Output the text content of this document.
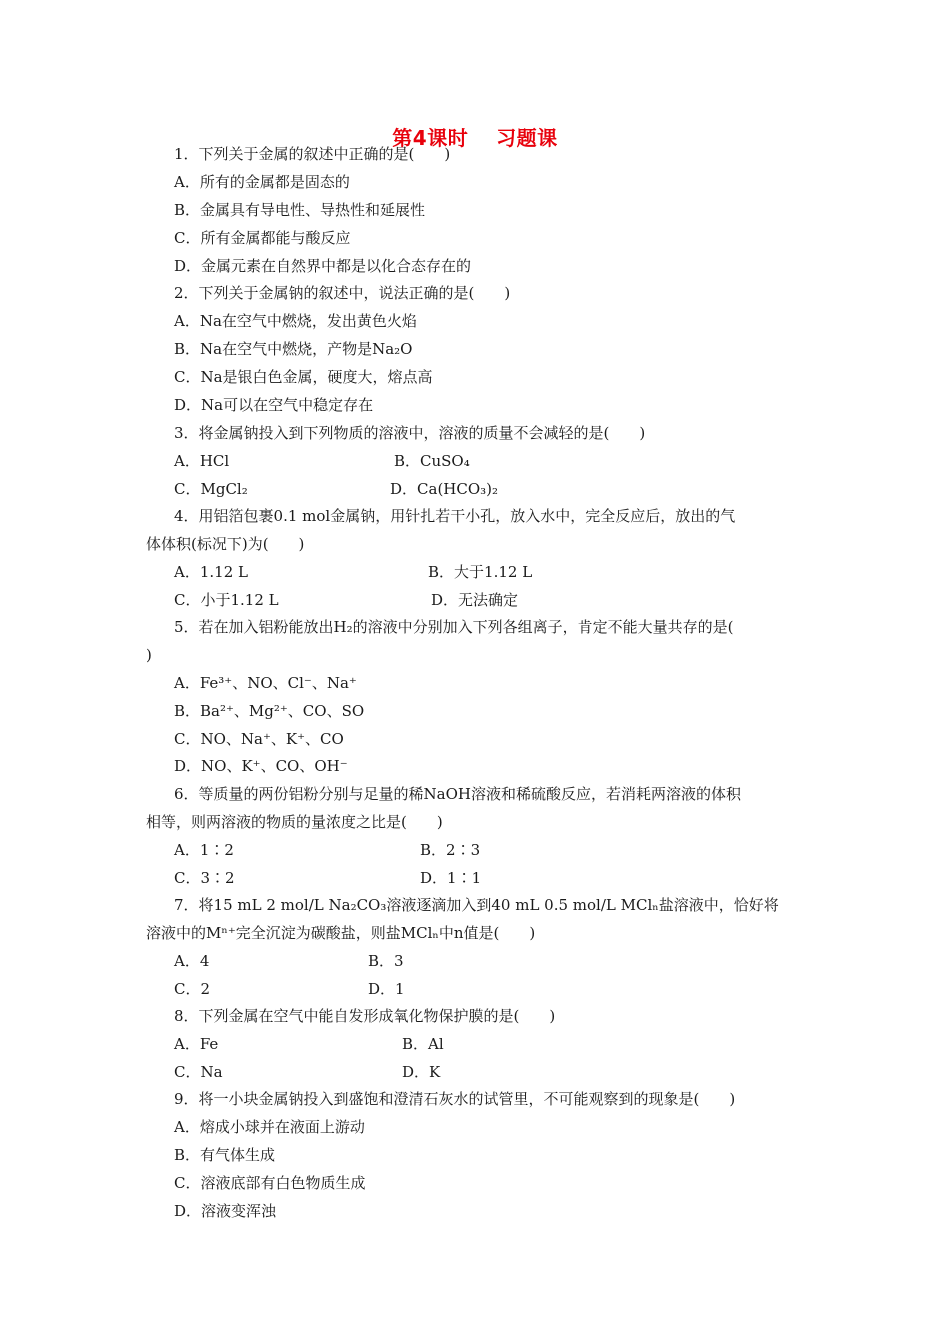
第4课时　 习题课
1．下列关于金属的叙述中正确的是(　　)
A．所有的金属都是固态的
B．金属具有导电性、导热性和延展性
C．所有金属都能与酸反应
D．金属元素在自然界中都是以化合态存在的
2．下列关于金属钠的叙述中，说法正确的是(　　)
A．Na在空气中燃烧，发出黄色火焰
B．Na在空气中燃烧，产物是Na₂O
C．Na是银白色金属，硬度大，熔点高
D．Na可以在空气中稳定存在
3．将金属钠投入到下列物质的溶液中，溶液的质量不会减轻的是(　　)
A．HCl	B．CuSO₄
C．MgCl₂	D．Ca(HCO₃)₂
4．用铝箔包裹0.1 mol金属钠，用针扎若干小孔，放入水中，完全反应后，放出的气
体体积(标况下)为(　　)
A．1.12 L	B．大于1.12 L
C．小于1.12 L	D．无法确定
5．若在加入铝粉能放出H₂的溶液中分别加入下列各组离子，肯定不能大量共存的是(
)
A．Fe³⁺、NO、Cl⁻、Na⁺
B．Ba²⁺、Mg²⁺、CO、SO
C．NO、Na⁺、K⁺、CO
D．NO、K⁺、CO、OH⁻
6．等质量的两份铝粉分别与足量的稀NaOH溶液和稀硫酸反应，若消耗两溶液的体积
相等，则两溶液的物质的量浓度之比是(　　)
A．1∶2	B．2∶3
C．3∶2	D．1∶1
7．将15 mL 2 mol/L Na₂CO₃溶液逐滴加入到40 mL 0.5 mol/L MClₙ盐溶液中，恰好将
溶液中的Mⁿ⁺完全沉淀为碳酸盐，则盐MClₙ中n值是(　　)
A．4	B．3
C．2	D．1
8．下列金属在空气中能自发形成氧化物保护膜的是(　　)
A．Fe	B．Al
C．Na	D．K
9．将一小块金属钠投入到盛饱和澄清石灰水的试管里，不可能观察到的现象是(　　)
A．熔成小球并在液面上游动
B．有气体生成
C．溶液底部有白色物质生成
D．溶液变浑浊
